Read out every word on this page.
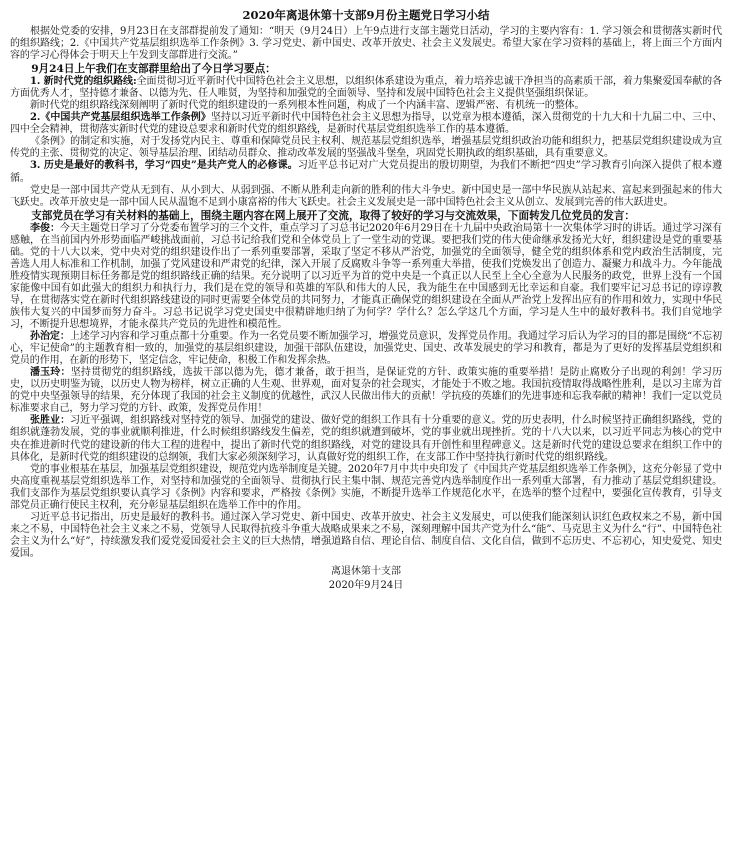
2020年离退休第十支部9月份主题党日学习小结

根据处党委的安排，9月23日在支部群提前发了通知：“明天（9月24日）上午9点进行支部主题党日活动，学习的主要内容有：1. 学习领会和贯彻落实新时代的组织路线；2.《中国共产党基层组织选举工作条例》3. 学习党史、新中国史、改革开放史、社会主义发展史。希望大家在学习资料的基础上，将上面三个方面内容的学习心得体会于明天上午发到支部群进行交流。”

9月24日上午我们在支部群里给出了今日学习要点：

1. 新时代党的组织路线:全面贯彻习近平新时代中国特色社会主义思想，以组织体系建设为重点，着力培养忠诚干净担当的高素质干部，着力集聚爱国奉献的各方面优秀人才，坚持德才兼备、以德为先、任人唯贤，为坚持和加强党的全面领导、坚持和发展中国特色社会主义提供坚强组织保证。

新时代党的组织路线深刻阐明了新时代党的组织建设的一系列根本性问题，构成了一个内涵丰富、逻辑严密、有机统一的整体。

2.《中国共产党基层组织选举工作条例》坚持以习近平新时代中国特色社会主义思想为指导，以党章为根本遵循，深入贯彻党的十九大和十九届二中、三中、四中全会精神，贯彻落实新时代党的建设总要求和新时代党的组织路线，是新时代基层党组织选举工作的基本遵循。

《条例》的制定和实施，对于发扬党内民主、尊重和保障党员民主权利、规范基层党组织选举，增强基层党组织政治功能和组织力，把基层党组织建设成为宣传党的主张、贯彻党的决定、领导基层治理、团结动员群众、推动改革发展的坚强战斗堡垒，巩固党长期执政的组织基础，具有重要意义。

3. 历史是最好的教科书，学习“四史”是共产党人的必修课。习近平总书记对广大党员提出的殷切期望，为我们不断把“四史”学习教育引向深入提供了根本遵循。

党史是一部中国共产党从无到有、从小到大、从弱到强、不断从胜利走向新的胜利的伟大斗争史。新中国史是一部中华民族从站起来、富起来到强起来的伟大飞跃史。改革开放史是一部中国人民从温饱不足到小康富裕的伟大飞跃史。社会主义发展史是一部中国特色社会主义从创立、发展到完善的伟大跃进史。

支部党员在学习有关材料的基础上，围绕主题内容在网上展开了交流，取得了较好的学习与交流效果，下面转发几位党员的发言：

李俊：今天主题党日学习了分党委布置学习的三个文件，重点学习了习总书记2020年6月29日在十九届中央政治局第十一次集体学习时的讲话。通过学习深有感触，在当前国内外形势面临严峻挑战面前，习总书记给我们党和全体党员上了一堂生动的党课。要把我们党的伟大使命继承发扬光大好，组织建设是党的重要基础。党的十八大以来，党中央对党的组织建设作出了一系列重要部署，采取了坚定不移从严治党，加强党的全面领导，健全党的组织体系和党内政治生活制度，完善选人用人标准和工作机制，加强了党风建设和严肃党的纪律，深入开展了反腐败斗争等一系列重大举措，使我们党焕发出了创造力、凝聚力和战斗力。今年能战胜疫情实现预期目标任务都是党的组织路线正确的结果。充分说明了以习近平为首的党中央是一个真正以人民至上全心全意为人民服务的政党，世界上没有一个国家能像中国有如此强大的组织力和执行力，我们是在党的领导和英雄的军队和伟大的人民，我为能生在中国感到无比幸运和自豪。我们要牢记习总书记的谆谆教导，在贯彻落实党在新时代组织路线建设的同时更需要全体党员的共同努力，才能真正确保党的组织建设在全面从严治党上发挥出应有的作用和效力，实现中华民族伟大复兴的中国梦而努力奋斗。习总书记说学习党史国史中很精辟地归纳了为何学？学什么？怎么学这几个方面，学习是人生中的最好教科书。我们自觉地学习，不断提升思想境界，才能永葆共产党员的先进性和模范性。

孙治定：上述学习内容和学习重点都十分重要。作为一名党员要不断加强学习，增强党员意识，发挥党员作用。我通过学习后认为学习的目的都是围绕“不忘初心，牢记使命”的主题教育相一致的，加强党的基层组织建设，加强干部队伍建设，加强党史、国史、改革发展史的学习和教育，都是为了更好的发挥基层党组织和党员的作用，在新的形势下，坚定信念，牢记使命，积极工作和发挥余热。

潘玉玲：坚持贯彻党的组织路线，选拔干部以德为先，德才兼备，敢于担当，是保证党的方针、政策实施的重要举措！是防止腐败分子出现的利剑！学习历史，以历史明鉴为镜，以历史人物为榜样，树立正确的人生观、世界观，面对复杂的社会现实，才能处于不败之地。我国抗疫情取得战略性胜利，是以习主席为首的党中央坚强领导的结果，充分体现了我国的社会主义制度的优越性，武汉人民做出伟大的贡献！学抗疫的英雄们的先进事迹和忘我奉献的精神！我们一定以党员标准要求自己，努力学习党的方针、政策，发挥党员作用！

张胜业：习近平强调，组织路线对坚持党的领导、加强党的建设、做好党的组织工作具有十分重要的意义。党的历史表明，什么时候坚持正确组织路线，党的组织就蓬勃发展，党的事业就顺利推进，什么时候组织路线发生偏差，党的组织就遭到破坏，党的事业就出现挫折。党的十八大以来，以习近平同志为核心的党中央在推进新时代党的建设新的伟大工程的进程中，提出了新时代党的组织路线，对党的建设具有开创性和里程碑意义。这是新时代党的建设总要求在组织工作中的具体化，是新时代党的组织建设的总纲领，我们大家必须深刻学习，认真做好党的组织工作，在支部工作中坚持执行新时代党的组织路线。

党的事业根基在基层，加强基层党组织建设，规范党内选举制度是关键。2020年7月中共中央印发了《中国共产党基层组织选举工作条例》，这充分彰显了党中央高度重视基层党组织选举工作，对坚持和加强党的全面领导、贯彻执行民主集中制、规范完善党内选举制度作出一系列重大部署，有力推动了基层党组织建设。我们支部作为基层党组织要认真学习《条例》内容和要求，严格按《条例》实施，不断提升选举工作规范化水平，在选举的整个过程中，要强化宣传教育，引导支部党员正确行使民主权利，充分彰显基层组织在选举工作中的作用。

习近平总书记指出，历史是最好的教科书。通过深入学习党史、新中国史、改革开放史、社会主义发展史，可以使我们能深刻认识红色政权来之不易，新中国来之不易，中国特色社会主义来之不易，党领导人民取得抗疫斗争重大战略成果来之不易，深刻理解中国共产党为什么“能”、马克思主义为什么“行”、中国特色社会主义为什么“好”，持续激发我们爱党爱国爱社会主义的巨大热情，增强道路自信、理论自信、制度自信、文化自信，做到不忘历史、不忘初心，知史爱党、知史爱国。

离退休第十支部
2020年9月24日
